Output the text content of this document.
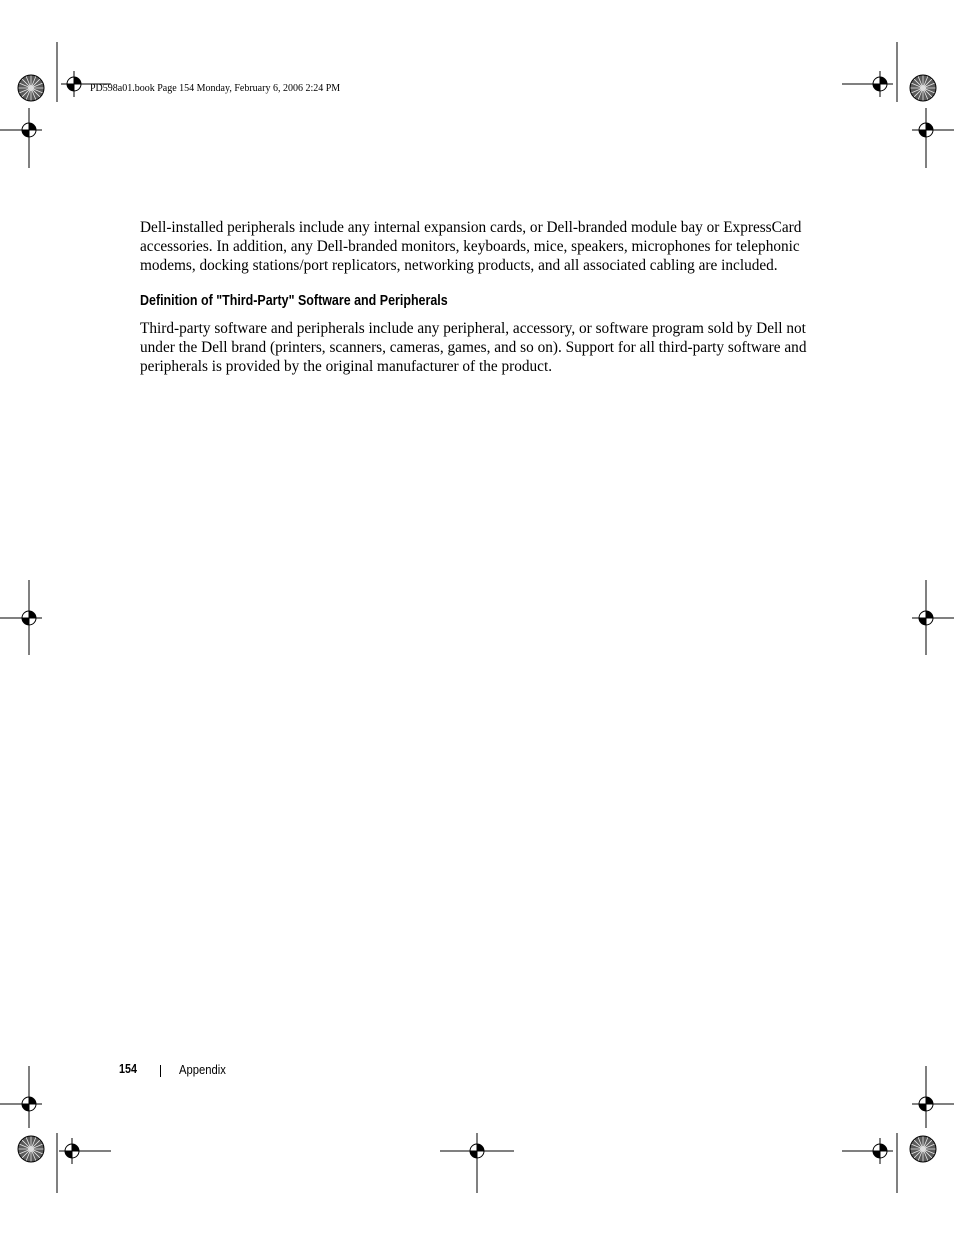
PD598a01.book Page 154 Monday, February 6, 2006 2:24 PM

Dell-installed peripherals include any internal expansion cards, or Dell-branded module bay or ExpressCard accessories. In addition, any Dell-branded monitors, keyboards, mice, speakers, microphones for telephonic modems, docking stations/port replicators, networking products, and all associated cabling are included.

Definition of "Third-Party" Software and Peripherals

Third-party software and peripherals include any peripheral, accessory, or software program sold by Dell not under the Dell brand (printers, scanners, cameras, games, and so on). Support for all third-party software and peripherals is provided by the original manufacturer of the product.

154	Appendix
